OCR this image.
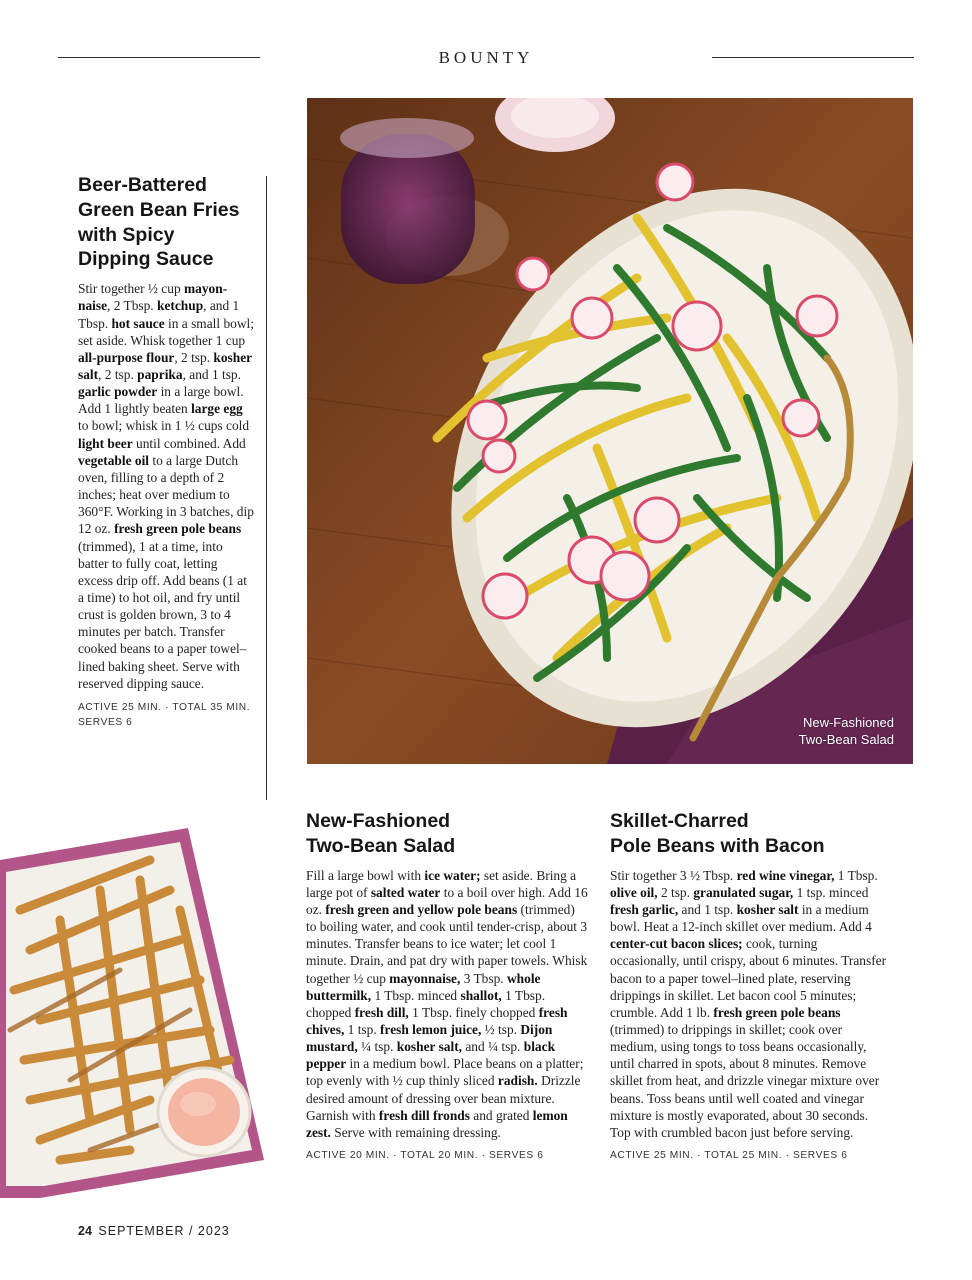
BOUNTY
Beer-Battered
Green Bean Fries
with Spicy
Dipping Sauce

Stir together ½ cup mayon-naise, 2 Tbsp. ketchup, and 1 Tbsp. hot sauce in a small bowl; set aside. Whisk together 1 cup all-purpose flour, 2 tsp. kosher salt, 2 tsp. paprika, and 1 tsp. garlic powder in a large bowl. Add 1 lightly beaten large egg to bowl; whisk in 1 ½ cups cold light beer until combined. Add vegetable oil to a large Dutch oven, filling to a depth of 2 inches; heat over medium to 360°F. Working in 3 batches, dip 12 oz. fresh green pole beans (trimmed), 1 at a time, into batter to fully coat, letting excess drip off. Add beans (1 at a time) to hot oil, and fry until crust is golden brown, 3 to 4 minutes per batch. Transfer cooked beans to a paper towel–lined baking sheet. Serve with reserved dipping sauce.

ACTIVE 25 MIN. · TOTAL 35 MIN.
SERVES 6	New-Fashioned
Two-Bean Salad
New-Fashioned
Two-Bean Salad

Fill a large bowl with ice water; set aside. Bring a large pot of salted water to a boil over high. Add 16 oz. fresh green and yellow pole beans (trimmed) to boiling water, and cook until tender-crisp, about 3 minutes. Transfer beans to ice water; let cool 1 minute. Drain, and pat dry with paper towels. Whisk together ½ cup mayonnaise, 3 Tbsp. whole buttermilk, 1 Tbsp. minced shallot, 1 Tbsp. chopped fresh dill, 1 Tbsp. finely chopped fresh chives, 1 tsp. fresh lemon juice, ½ tsp. Dijon mustard, ¼ tsp. kosher salt, and ¼ tsp. black pepper in a medium bowl. Place beans on a platter; top evenly with ½ cup thinly sliced radish. Drizzle desired amount of dressing over bean mixture. Garnish with fresh dill fronds and grated lemon zest. Serve with remaining dressing.

ACTIVE 20 MIN. · TOTAL 20 MIN. · SERVES 6
Skillet-Charred
Pole Beans with Bacon

Stir together 3 ½ Tbsp. red wine vinegar, 1 Tbsp. olive oil, 2 tsp. granulated sugar, 1 tsp. minced fresh garlic, and 1 tsp. kosher salt in a medium bowl. Heat a 12-inch skillet over medium. Add 4 center-cut bacon slices; cook, turning occasionally, until crispy, about 6 minutes. Transfer bacon to a paper towel–lined plate, reserving drippings in skillet. Let bacon cool 5 minutes; crumble. Add 1 lb. fresh green pole beans (trimmed) to drippings in skillet; cook over medium, using tongs to toss beans occasionally, until charred in spots, about 8 minutes. Remove skillet from heat, and drizzle vinegar mixture over beans. Toss beans until well coated and vinegar mixture is mostly evaporated, about 30 seconds. Top with crumbled bacon just before serving.

ACTIVE 25 MIN. · TOTAL 25 MIN. · SERVES 6
24 SEPTEMBER / 2023
